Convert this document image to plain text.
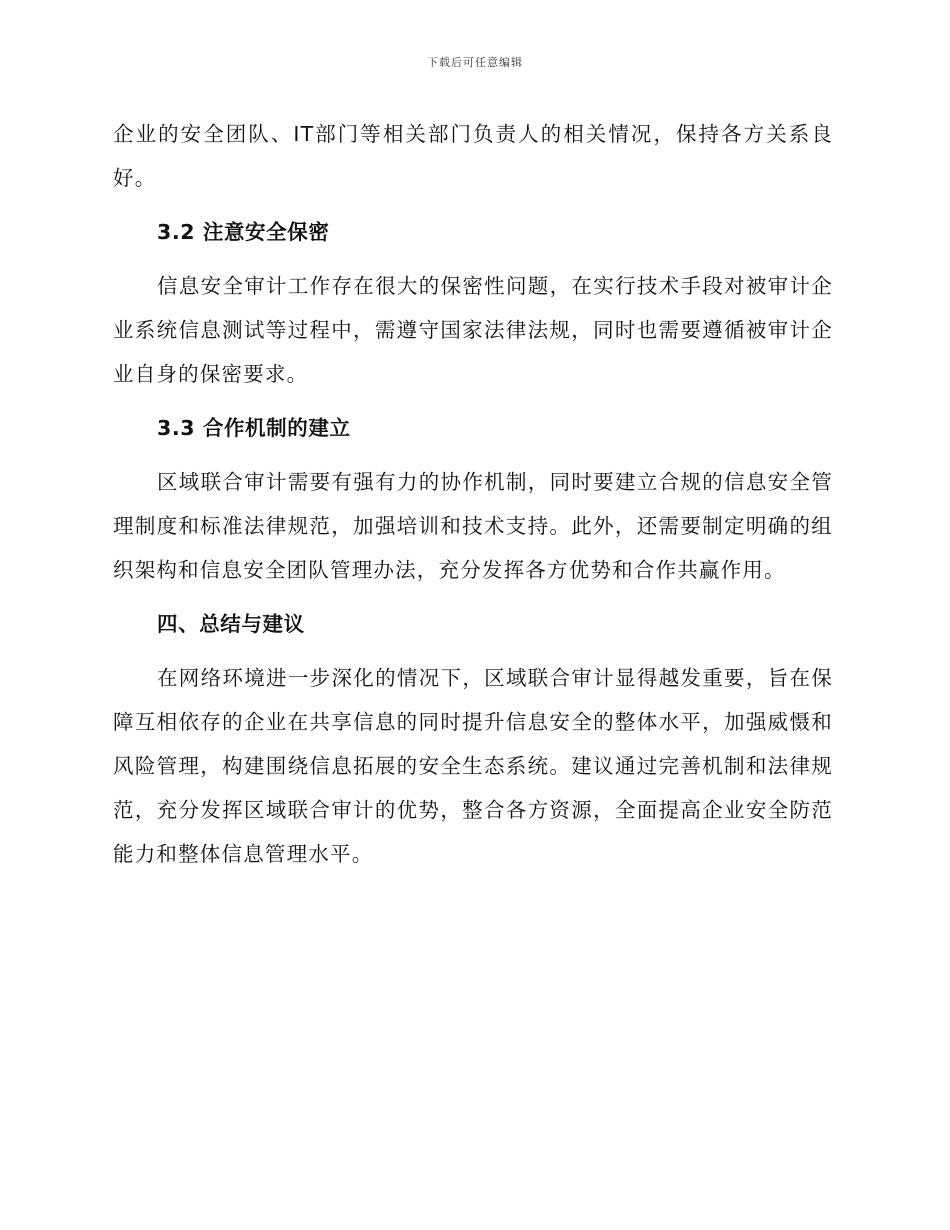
下载后可任意编辑

企业的安全团队、IT部门等相关部门负责人的相关情况，保持各方关系良好。

3.2 注意安全保密

信息安全审计工作存在很大的保密性问题，在实行技术手段对被审计企业系统信息测试等过程中，需遵守国家法律法规，同时也需要遵循被审计企业自身的保密要求。

3.3 合作机制的建立

区域联合审计需要有强有力的协作机制，同时要建立合规的信息安全管理制度和标准法律规范，加强培训和技术支持。此外，还需要制定明确的组织架构和信息安全团队管理办法，充分发挥各方优势和合作共赢作用。

四、总结与建议

在网络环境进一步深化的情况下，区域联合审计显得越发重要，旨在保障互相依存的企业在共享信息的同时提升信息安全的整体水平，加强威慑和风险管理，构建围绕信息拓展的安全生态系统。建议通过完善机制和法律规范，充分发挥区域联合审计的优势，整合各方资源，全面提高企业安全防范能力和整体信息管理水平。
